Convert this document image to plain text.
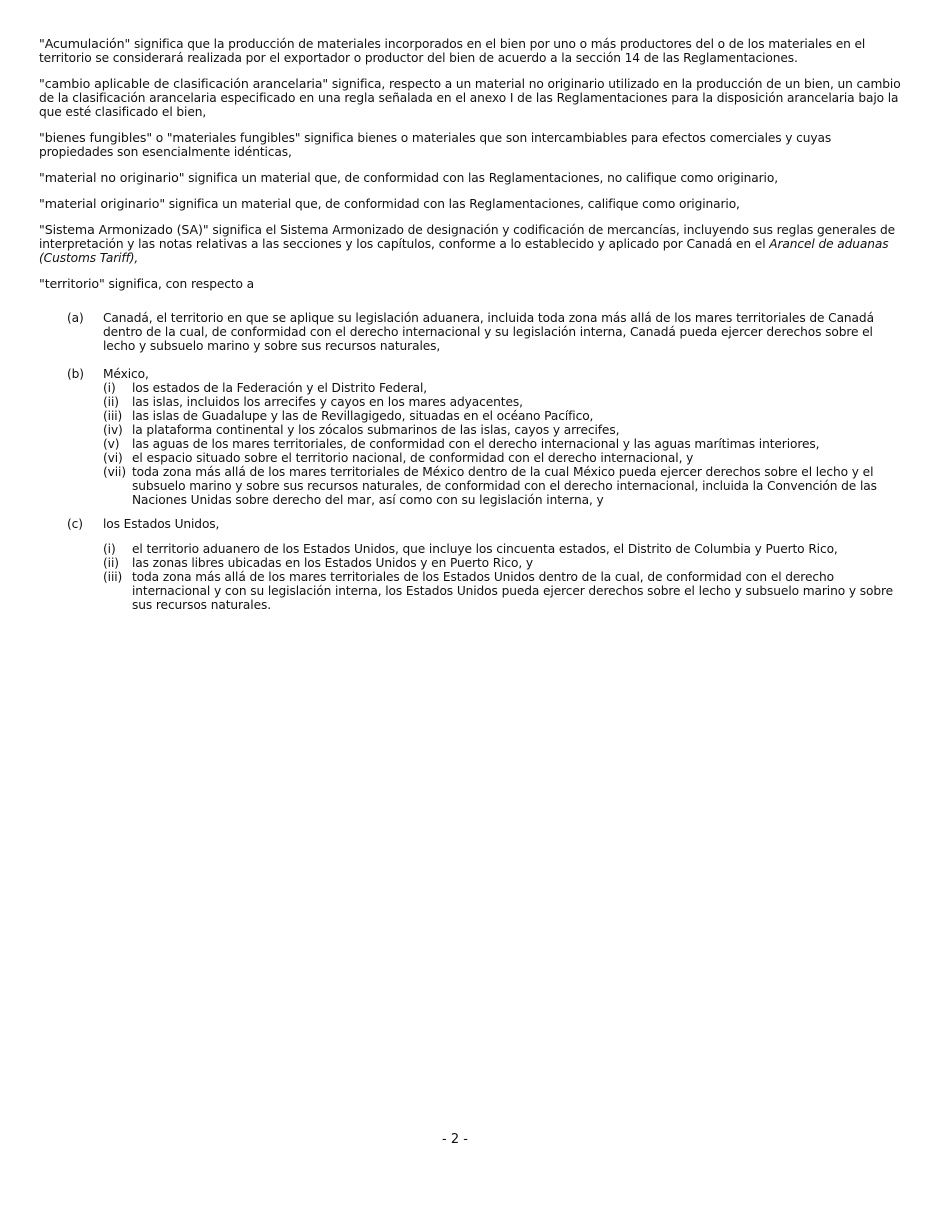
"Acumulación" significa que la producción de materiales incorporados en el bien por uno o más productores del o de los materiales en el territorio se considerará realizada por el exportador o productor del bien de acuerdo a la sección 14 de las Reglamentaciones.

"cambio aplicable de clasificación arancelaria" significa, respecto a un material no originario utilizado en la producción de un bien, un cambio de la clasificación arancelaria especificado en una regla señalada en el anexo I de las Reglamentaciones para la disposición arancelaria bajo la que esté clasificado el bien,

"bienes fungibles" o "materiales fungibles" significa bienes o materiales que son intercambiables para efectos comerciales y cuyas propiedades son esencialmente idénticas,

"material no originario" significa un material que, de conformidad con las Reglamentaciones, no califique como originario,

"material originario" significa un material que, de conformidad con las Reglamentaciones, califique como originario,

"Sistema Armonizado (SA)" significa el Sistema Armonizado de designación y codificación de mercancías, incluyendo sus reglas generales de interpretación y las notas relativas a las secciones y los capítulos, conforme a lo establecido y aplicado por Canadá en el Arancel de aduanas (Customs Tariff),

"territorio" significa, con respecto a

(a) Canadá, el territorio en que se aplique su legislación aduanera, incluida toda zona más allá de los mares territoriales de Canadá dentro de la cual, de conformidad con el derecho internacional y su legislación interna, Canadá pueda ejercer derechos sobre el lecho y subsuelo marino y sobre sus recursos naturales,
(b) México,
(i) los estados de la Federación y el Distrito Federal,
(ii) las islas, incluidos los arrecifes y cayos en los mares adyacentes,
(iii) las islas de Guadalupe y las de Revillagigedo, situadas en el océano Pacífico,
(iv) la plataforma continental y los zócalos submarinos de las islas, cayos y arrecifes,
(v) las aguas de los mares territoriales, de conformidad con el derecho internacional y las aguas marítimas interiores,
(vi) el espacio situado sobre el territorio nacional, de conformidad con el derecho internacional, y
(vii) toda zona más allá de los mares territoriales de México dentro de la cual México pueda ejercer derechos sobre el lecho y el subsuelo marino y sobre sus recursos naturales, de conformidad con el derecho internacional, incluida la Convención de las Naciones Unidas sobre derecho del mar, así como con su legislación interna, y
(c) los Estados Unidos,
(i) el territorio aduanero de los Estados Unidos, que incluye los cincuenta estados, el Distrito de Columbia y Puerto Rico,
(ii) las zonas libres ubicadas en los Estados Unidos y en Puerto Rico, y
(iii) toda zona más allá de los mares territoriales de los Estados Unidos dentro de la cual, de conformidad con el derecho internacional y con su legislación interna, los Estados Unidos pueda ejercer derechos sobre el lecho y subsuelo marino y sobre sus recursos naturales.
- 2 -
